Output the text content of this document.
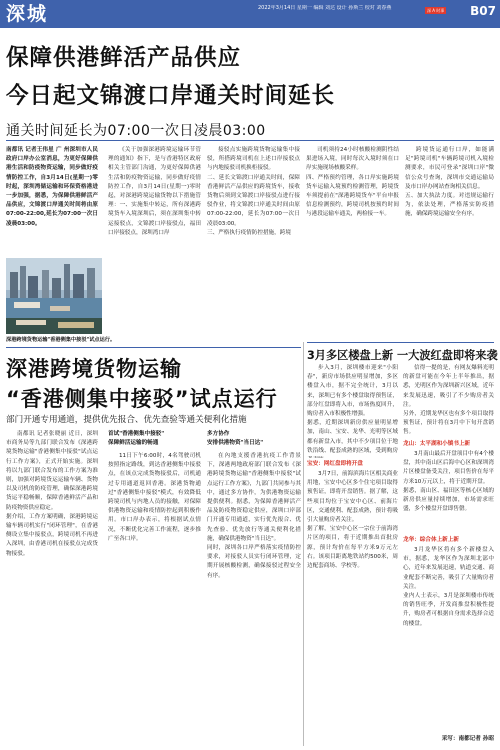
深城	2022年3月14日 星期一 编辑 刘达 设计 孙斯兰 校对 刘春燕	深 A 时事 B07
保障供港鲜活产品供应
今日起文锦渡口岸通关时间延长
通关时间延长为07:00一次日凌晨03:00
南都讯 记者王伟星 广 州深圳市人民政府口岸办公室消息，为更好保障供港生活和防疫物资运输，同步做好疫情防控工作，自3月14日(星期一)零时起，深圳湾储运输和环保资格港进一步加强，据悉，为保障供港鲜活产品供应，文锦渡口岸通关时间将由原07:00-22:00,延长为07:00一次日凌晨03:00。
《关于加强深港跨境运输环节管理的通知》指下，是与香港特区政府相关主管部门沟通，为更好保障供港生活和防疫物资运输，同步做好疫情防控工作，自3月14日(星期一)零时起，对深港跨境运输货物以下措施管理：一、实施集中转运，所有深港跨境货车入境深圳后，须在深圳集中转运接驳点，文锦渡口岸接驳点，福田口岸接驳点，深圳湾口岸
接驳点实施跨境货物运输集中接驳，所搭跨境司机在上述口岸接驳点与内地接驳司机换柜接驳。
二、延长文锦渡口岸通关时间，保障香港鲜活产品供应的跨境货车，接收货物后须到文锦渡口岸接驳点进行接驳作业，将文锦渡口岸通关时间由原07:00-22:00，延长为07:00一次日凌晨03:00。
三、严格执行疫情防控措施，跨境
司机须持24小时核酸检测阴性结果进场入境，同时每次入境时须在口岸实施现场核酸采样。
四、严格预约管理，各口岸实施跨境货车运输入境预约检测管理，跨境货车须提前在"深港跨境货车"平台申报信息检测预约，跨境司机按预约时间与港段运输车通关，两检接一车。
跨境货运通行口岸，如能满足"跨境司机"车辆跨境司机入境检测要求，市民可登录"深圳口岸"微信公众号查询，深圳市交通运输局及市口岸办网站查询相关信息。
五、加大执法力度。对违规运输行为，依法处理，严格落实防疫措施，确保跨境运输安全有序。
深港跨境货物运输"香港侧集中接驳"试点运行。
深港跨境货物运输
“香港侧集中接驳”试点运行
部门开通专用通道，提供优先报合、优先查验等通关便利化措施
南都讯 记者张晓丽 近日，深圳市商务局等九部门联合发布《深港跨境货物运输"香港侧集中接驳"试点运行工作方案》，正式开始实施。深圳将以九部门联合发布的工作方案为准则，加强对跨境货运运输车辆、货物以及司机的防疫管理，确保深港跨境货运平稳畅顺，保障香港鲜活产品和防疫物资供应稳定。
据介绍，工作方案明确，深港跨境运输车辆司机实行"闭环管理"，在香港侧设立集中接驳点，跨境司机不再进入深圳，由香港司机在接驳点完成货物接驳。
首试"香港侧集中接驳"
保障鲜活运输的畅通
11日下午6:00时，4名驾驶司机按照指定路线，到达香港侧集中接驳点，在该点完成货物接驳后，司机通过专用通道返回香港。深港货物通过"香港侧集中接驳"模式，有效降低跨境司机与内地人员的接触，对保障供港物资运输和疫情防控起到积极作用。市口岸办表示，将根据试点情况，不断优化完善工作流程，逐步推广至各口岸。
多方协作
安排供港物资"当日达"
在內地支援香港抗疫工作背景下，深港两地政府部门联合发布《深港跨境货物运输"香港侧集中接驳"试点运行工作方案》，九部门共同参与其中，通过多方协作，为供港物资运输提供便利。据悉，为保障香港鲜活产品及防疫物资稳定供应，深圳口岸部门开通专用通道，实行优先报合、优先查验、优先放行等通关便利化措施，确保供港物资"当日达"。
同时，深圳各口岸严格落实疫情防控要求，对接驳人员实行闭环管理，定期开展核酸检测，确保接驳过程安全有序。
3月多区楼盘上新 一大波红盘即将来袭
步入3月，深圳楼市迎来"小阳春"，新房市场供应明显增加，多区楼盘入市，据不完全统计，3月以来，深圳已有多个楼盘取得预售证，部分红盘即将入市，市场热度回升，购房者入市积极性增强。
据悉，近期深圳新房供应量明显增加，南山、宝安、龙华、光明等区域都有新盘入市，其中不少项目位于地铁沿线、配套成熟的区域，受到购房
宝安：网红盘即将开盘
3月7日，前海滨海片区相关商业用地，宝安中心区多个住宅项目取得预售证，即将开盘销售。据了解，这些项目均位于宝安中心区、前海片区，交通便利、配套成熟，预计将吸引大量购房者关注。
据了解，宝安中心区一宗位于前海湾片区的项目，将于近期推出首批房源，预计均价在每平方米9万元左右。该项目距离地铁站约500米，周边配套商场、学校等。
信得一提的是，有网友爆料光明的新盘可能在今年上半年推出，据悉，光明区作为深圳新兴区域，近年来发展迅速，吸引了不少购房者关注。
另外，近期龙华区也有多个项目取得预售证，预计将在3月中下旬开盘销售。
龙山：太平湖和小镇书上新
3月南山最后开盘项目中有4个楼盘，其中南山区后海中心区和深圳湾片区楼盘备受关注，项目售价在每平方米10万元以上，将于近期开盘。
据悉，南山区、福田区等核心区域的新房供应量持续增加，市场需求旺盛，多个楼盘开盘即售罄。
龙华：综合体上新上新
3月龙华区将有多个新楼盘入市，据悉，龙华区作为深圳北部中心，近年来发展迅速，轨道交通、商业配套不断完善，吸引了大量购房者关注。
业内人士表示，3月是深圳楼市传统的销售旺季，开发商推盘积极性提升，购房者可根据自身需求选择合适的楼盘。
采写：南都记者 孙昭
